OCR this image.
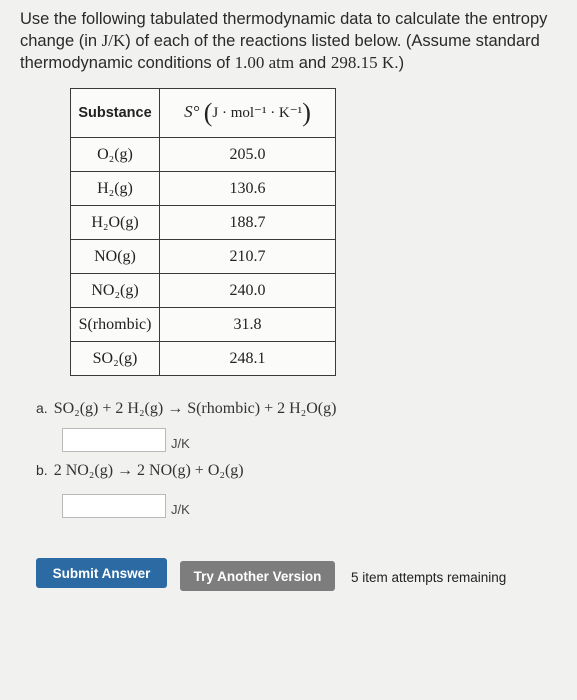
Use the following tabulated thermodynamic data to calculate the entropy change (in J/K) of each of the reactions listed below. (Assume standard thermodynamic conditions of 1.00 atm and 298.15 K.)
Substance	S° (J · mol⁻¹ · K⁻¹)
O₂(g)	205.0
H₂(g)	130.6
H₂O(g)	188.7
NO(g)	210.7
NO₂(g)	240.0
S(rhombic)	31.8
SO₂(g)	248.1
a. SO₂(g) + 2 H₂(g) → S(rhombic) + 2 H₂O(g)
J/K
b. 2 NO₂(g) → 2 NO(g) + O₂(g)
J/K
Submit Answer	Try Another Version	5 item attempts remaining
